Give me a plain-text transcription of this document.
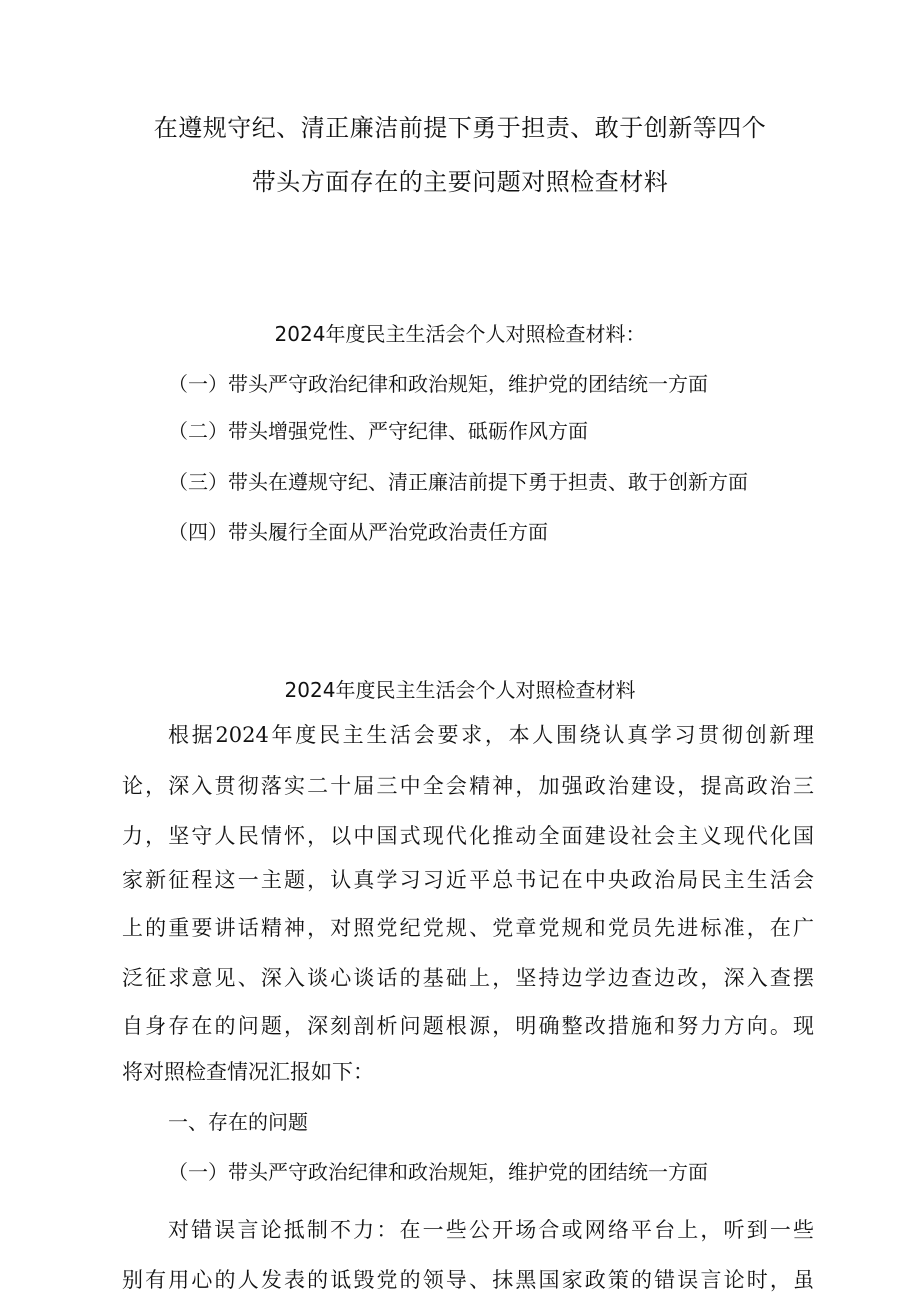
在遵规守纪、清正廉洁前提下勇于担责、敢于创新等四个
带头方面存在的主要问题对照检查材料
2024年度民主生活会个人对照检查材料：
（一）带头严守政治纪律和政治规矩，维护党的团结统一方面
（二）带头增强党性、严守纪律、砥砺作风方面
（三）带头在遵规守纪、清正廉洁前提下勇于担责、敢于创新方面
（四）带头履行全面从严治党政治责任方面
2024年度民主生活会个人对照检查材料
根据2024年度民主生活会要求，本人围绕认真学习贯彻创新理
论，深入贯彻落实二十届三中全会精神，加强政治建设，提高政治三
力，坚守人民情怀，以中国式现代化推动全面建设社会主义现代化国
家新征程这一主题，认真学习习近平总书记在中央政治局民主生活会
上的重要讲话精神，对照党纪党规、党章党规和党员先进标准，在广
泛征求意见、深入谈心谈话的基础上，坚持边学边查边改，深入查摆
自身存在的问题，深刻剖析问题根源，明确整改措施和努力方向。现
将对照检查情况汇报如下：
一、存在的问题
（一）带头严守政治纪律和政治规矩，维护党的团结统一方面
对错误言论抵制不力：在一些公开场合或网络平台上，听到一些
别有用心的人发表的诋毁党的领导、抹黑国家政策的错误言论时，虽
